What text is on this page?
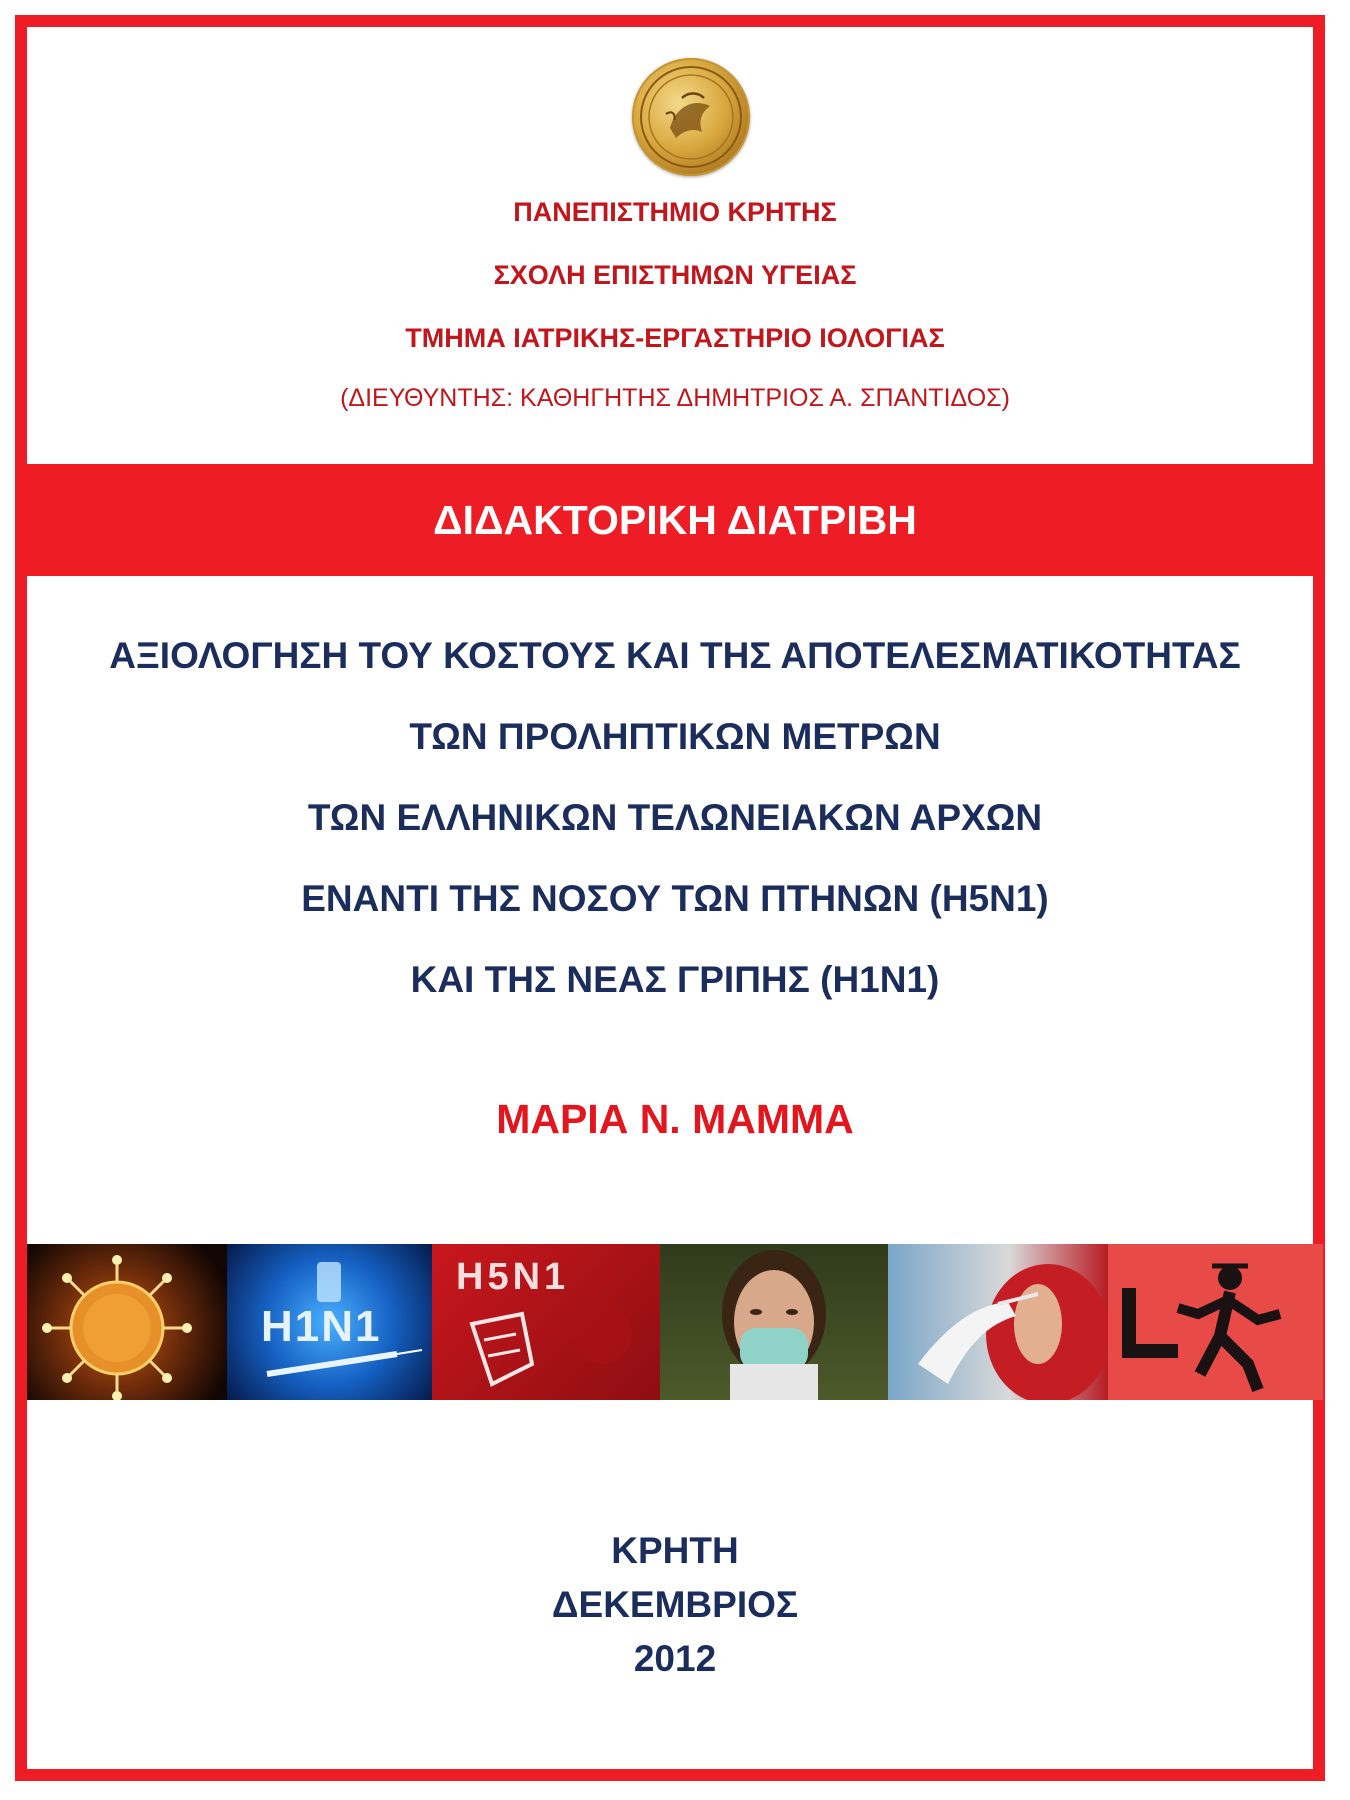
ΠΑΝΕΠΙΣΤΗΜΙΟ ΚΡΗΤΗΣ
ΣΧΟΛΗ ΕΠΙΣΤΗΜΩΝ ΥΓΕΙΑΣ
ΤΜΗΜΑ ΙΑΤΡΙΚΗΣ-ΕΡΓΑΣΤΗΡΙΟ ΙΟΛΟΓΙΑΣ
(ΔΙΕΥΘΥΝΤΗΣ: ΚΑΘΗΓΗΤΗΣ ΔΗΜΗΤΡΙΟΣ Α. ΣΠΑΝΤΙΔΟΣ)
ΔΙΔΑΚΤΟΡΙΚΗ ΔΙΑΤΡΙΒΗ
ΑΞΙΟΛΟΓΗΣΗ ΤΟΥ ΚΟΣΤΟΥΣ ΚΑΙ ΤΗΣ ΑΠΟΤΕΛΕΣΜΑΤΙΚΟΤΗΤΑΣ
ΤΩΝ ΠΡΟΛΗΠΤΙΚΩΝ ΜΕΤΡΩΝ
ΤΩΝ ΕΛΛΗΝΙΚΩΝ ΤΕΛΩΝΕΙΑΚΩΝ ΑΡΧΩΝ
ΕΝΑΝΤΙ ΤΗΣ ΝΟΣΟΥ ΤΩΝ ΠΤΗΝΩΝ (H5N1)
ΚΑΙ ΤΗΣ ΝΕΑΣ ΓΡΙΠΗΣ (H1N1)
ΜΑΡΙΑ Ν. ΜΑΜΜΑ
H1N1
H5N1
ΚΡΗΤΗ
ΔΕΚΕΜΒΡΙΟΣ
2012
